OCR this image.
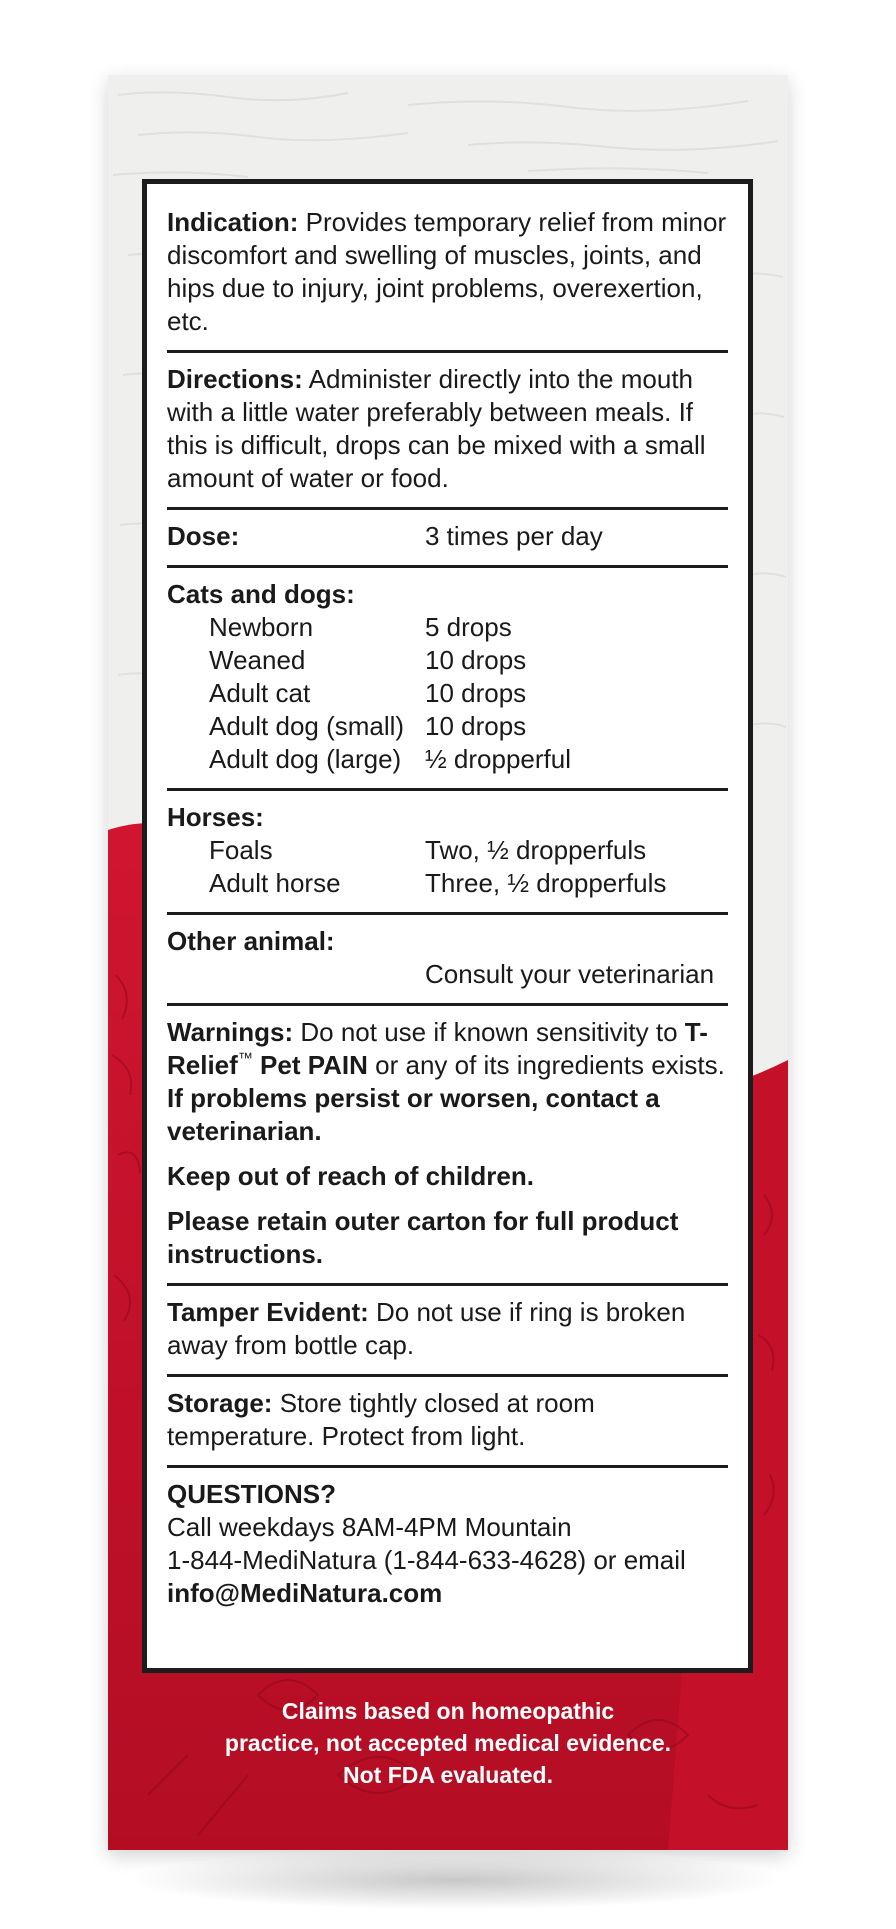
Indication: Provides temporary relief from minor discomfort and swelling of muscles, joints, and hips due to injury, joint problems, overexertion, etc.

Directions: Administer directly into the mouth with a little water preferably between meals. If this is difficult, drops can be mixed with a small amount of water or food.

Dose:	3 times per day

Cats and dogs:

Newborn	5 drops
Weaned	10 drops
Adult cat	10 drops
Adult dog (small) 10 drops
Adult dog (large) ½ dropperful

Horses:

Foals	Two, ½ dropperfuls
Adult horse	Three, ½ dropperfuls

Other animal:

Consult your veterinarian

Warnings: Do not use if known sensitivity to T-Relief™ Pet PAIN or any of its ingredients exists. If problems persist or worsen, contact a veterinarian.

Keep out of reach of children.

Please retain outer carton for full product instructions.

Tamper Evident: Do not use if ring is broken away from bottle cap.

Storage: Store tightly closed at room temperature. Protect from light.

QUESTIONS?

Call weekdays 8AM-4PM Mountain

1-844-MediNatura (1-844-633-4628) or email

info@MediNatura.com

Claims based on homeopathic

practice, not accepted medical evidence.

Not FDA evaluated.
